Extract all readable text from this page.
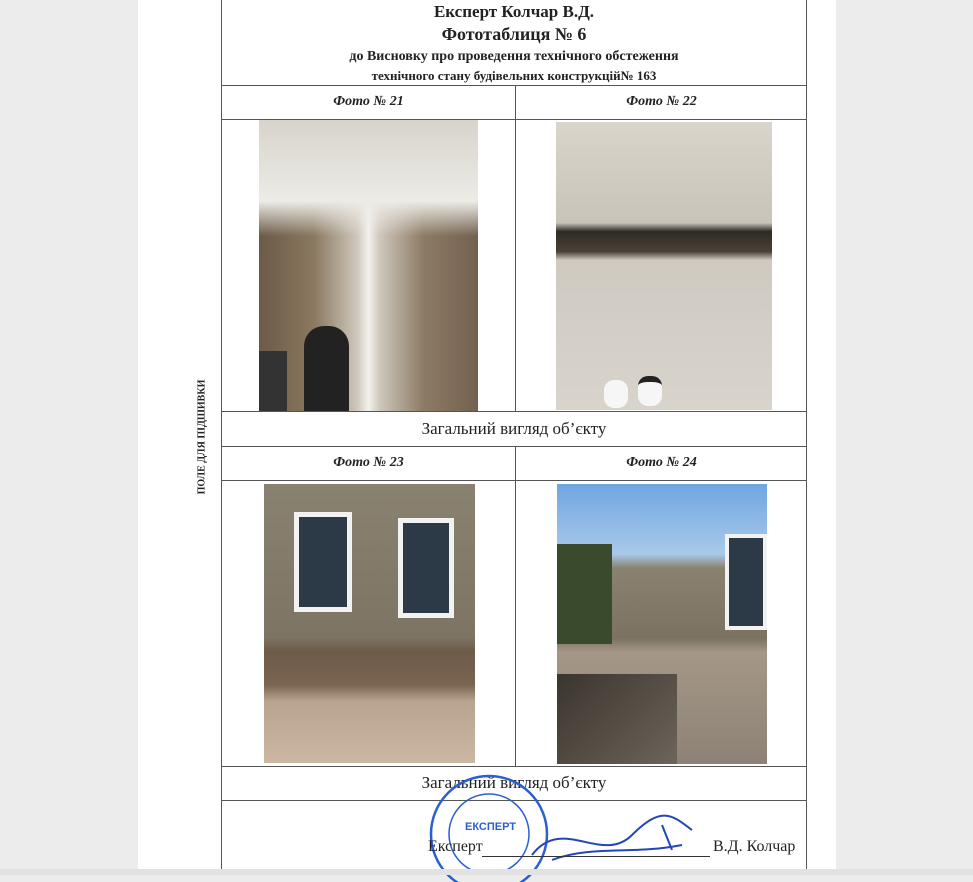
ПОЛЕ ДЛЯ ПІДШИВКИ
Експерт Колчар В.Д.
Фототаблиця № 6
до Висновку про проведення технічного обстеження
технічного стану будівельних конструкцій№ 163
Фото № 21	Фото № 22
Загальний вигляд об’єкту
Фото № 23	Фото № 24
Загальний вигляд об’єкту
ЕКСПЕРТ
Експерт	В.Д. Колчар
